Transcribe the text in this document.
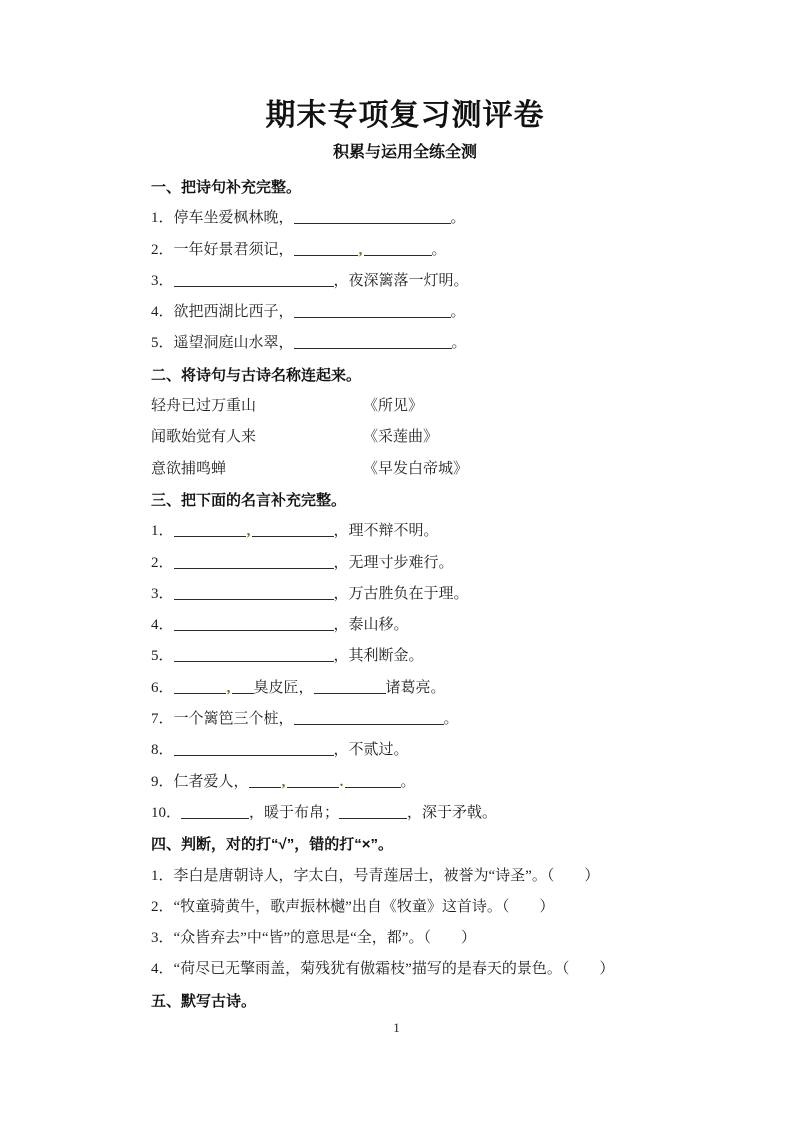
期末专项复习测评卷
积累与运用全练全测
一、把诗句补充完整。
1．停车坐爱枫林晚，	。
2．一年好景君须记，	,	。
3．	，夜深篱落一灯明。
4．欲把西湖比西子，	。
5．遥望洞庭山水翠，	。
二、将诗句与古诗名称连起来。
轻舟已过万重山	《所见》
闻歌始觉有人来	《采莲曲》
意欲捕鸣蝉	《早发白帝城》
三、把下面的名言补充完整。
1．	,	，理不辩不明。
2．	，无理寸步难行。
3．	，万古胜负在于理。
4．	，泰山移。
5．	，其利断金。
6．	, 臭皮匠，	诸葛亮。
7．一个篱笆三个桩，	。
8．	，不贰过。
9．仁者爱人， ,	.	。
10．	，暖于布帛；	，深于矛戟。
四、判断，对的打“√”，错的打“×”。
1．李白是唐朝诗人，字太白，号青莲居士，被誉为“诗圣”。（　　）
2．“牧童骑黄牛，歌声振林樾”出自《牧童》这首诗。（　　）
3．“众皆弃去”中“皆”的意思是“全，都”。（　　）
4．“荷尽已无擎雨盖，菊残犹有傲霜枝”描写的是春天的景色。（　　）
五、默写古诗。
1
